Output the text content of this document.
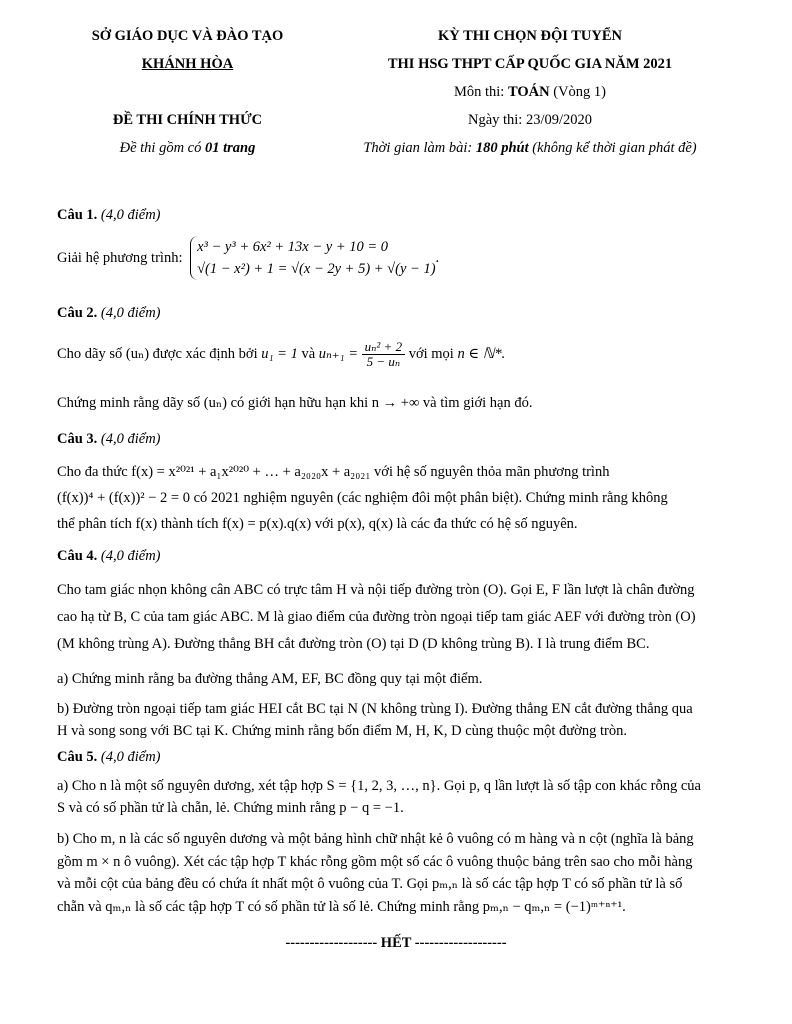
SỞ GIÁO DỤC VÀ ĐÀO TẠO
KHÁNH HÒA
ĐỀ THI CHÍNH THỨC
Đề thi gồm có 01 trang
KỲ THI CHỌN ĐỘI TUYỂN
THI HSG THPT CẤP QUỐC GIA NĂM 2021
Môn thi: TOÁN (Vòng 1)
Ngày thi: 23/09/2020
Thời gian làm bài: 180 phút (không kể thời gian phát đề)
Câu 1. (4,0 điểm)
Giải hệ phương trình:
x³ − y³ + 6x² + 13x − y + 10 = 0
√(1 − x²) + 1 = √(x − 2y + 5) + √(y − 1)
.
Câu 2. (4,0 điểm)
Cho dãy số (uₙ) được xác định bởi u₁ = 1 và $u_{n+1} = \frac{\text{uₙ² + 2}}{\text{5 − uₙ}}$ với mọi n ∈ ℕ*.
Chứng minh rằng dãy số (uₙ) có giới hạn hữu hạn khi n → +∞ và tìm giới hạn đó.
Câu 3. (4,0 điểm)
Cho đa thức f(x) = x²⁰²¹ + a₁x²⁰²⁰ + … + a₂₀₂₀x + a₂₀₂₁ với hệ số nguyên thỏa mãn phương trình
(f(x))⁴ + (f(x))² − 2 = 0 có 2021 nghiệm nguyên (các nghiệm đôi một phân biệt). Chứng minh rằng không
thể phân tích f(x) thành tích f(x) = p(x).q(x) với p(x), q(x) là các đa thức có hệ số nguyên.
Câu 4. (4,0 điểm)
Cho tam giác nhọn không cân ABC có trực tâm H và nội tiếp đường tròn (O). Gọi E, F lần lượt là chân đường
cao hạ từ B, C của tam giác ABC. M là giao điểm của đường tròn ngoại tiếp tam giác AEF với đường tròn (O)
(M không trùng A). Đường thẳng BH cắt đường tròn (O) tại D (D không trùng B). I là trung điểm BC.
a) Chứng minh rằng ba đường thẳng AM, EF, BC đồng quy tại một điểm.
b) Đường tròn ngoại tiếp tam giác HEI cắt BC tại N (N không trùng I). Đường thẳng EN cắt đường thẳng qua
H và song song với BC tại K. Chứng minh rằng bốn điểm M, H, K, D cùng thuộc một đường tròn.
Câu 5. (4,0 điểm)
a) Cho n là một số nguyên dương, xét tập hợp S = {1, 2, 3, …, n}. Gọi p, q lần lượt là số tập con khác rỗng của
S và có số phần tử là chẵn, lẻ. Chứng minh rằng p − q = −1.
b) Cho m, n là các số nguyên dương và một bảng hình chữ nhật kẻ ô vuông có m hàng và n cột (nghĩa là bảng
gồm m × n ô vuông). Xét các tập hợp T khác rỗng gồm một số các ô vuông thuộc bảng trên sao cho mỗi hàng
và mỗi cột của bảng đều có chứa ít nhất một ô vuông của T. Gọi pₘ,ₙ là số các tập hợp T có số phần tử là số
chẵn và qₘ,ₙ là số các tập hợp T có số phần tử là số lẻ. Chứng minh rằng pₘ,ₙ − qₘ,ₙ = (−1)ᵐ⁺ⁿ⁺¹.
------------------- HẾT -------------------
